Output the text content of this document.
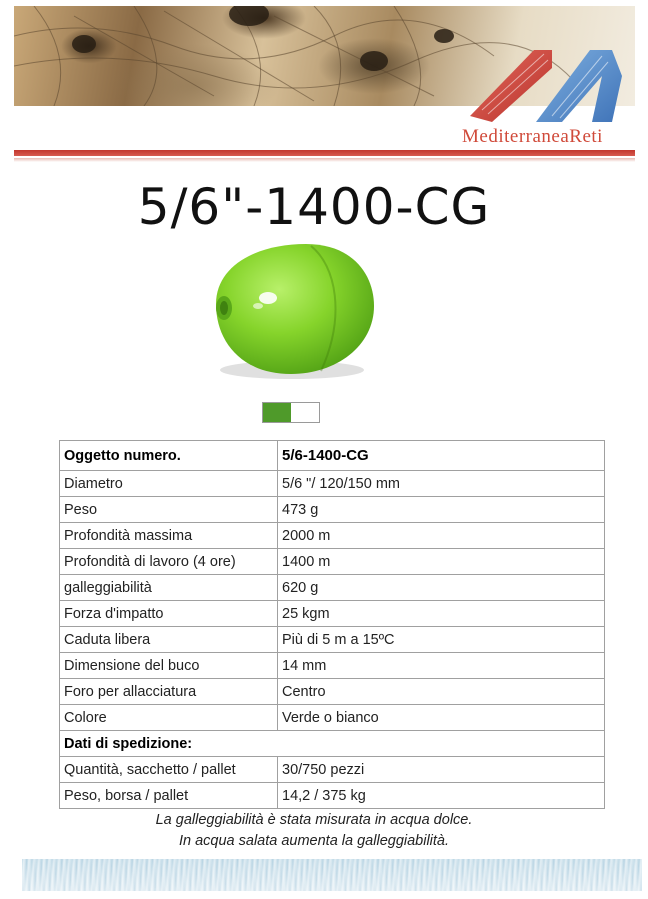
MediterraneaReti
5/6"-1400-CG
Oggetto numero.	5/6-1400-CG
Diametro	5/6 "/ 120/150 mm
Peso	473 g
Profondità massima	2000 m
Profondità di lavoro (4 ore)	1400 m
galleggiabilità	620 g
Forza d'impatto	25 kgm
Caduta libera	Più di 5 m a 15ºC
Dimensione del buco	14 mm
Foro per allacciatura	Centro
Colore	Verde o bianco
Dati di spedizione:	
Quantità, sacchetto / pallet	30/750 pezzi
Peso, borsa / pallet	14,2 / 375 kg
La galleggiabilità è stata misurata in acqua dolce.
In acqua salata aumenta la galleggiabilità.
